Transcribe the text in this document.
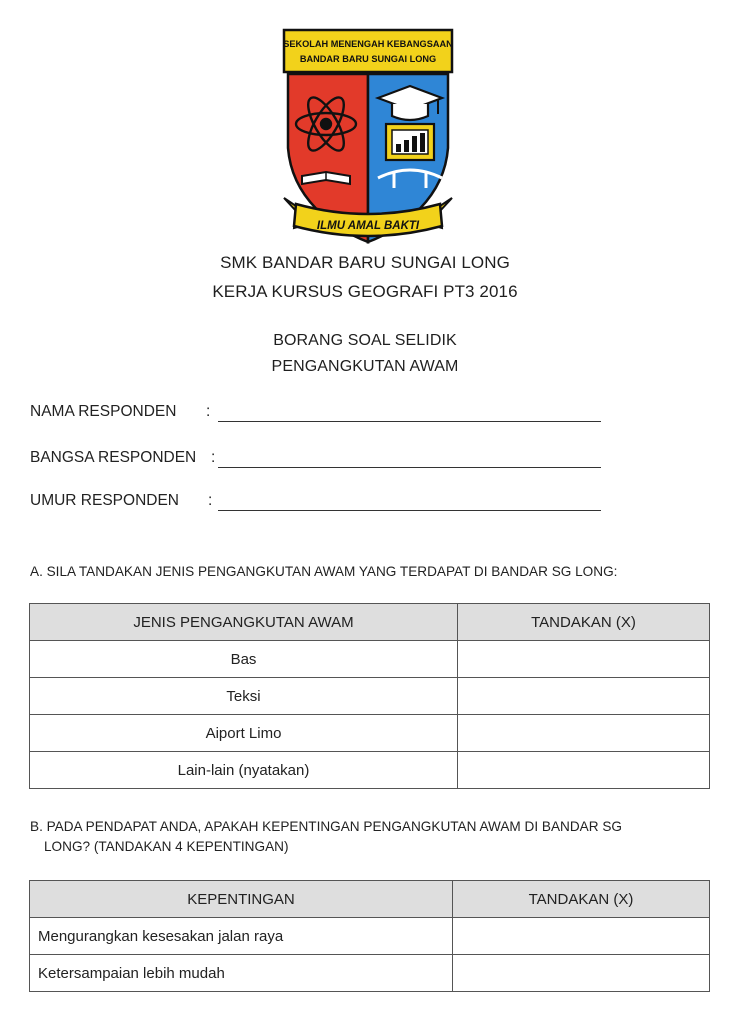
SEKOLAH MENENGAH KEBANGSAAN
BANDAR BARU SUNGAI LONG
ILMU AMAL BAKTI
SMK BANDAR BARU SUNGAI LONG
KERJA KURSUS GEOGRAFI PT3 2016
BORANG SOAL SELIDIK
PENGANGKUTAN AWAM
NAMA RESPONDEN :
BANGSA RESPONDEN :
UMUR RESPONDEN :
A. SILA TANDAKAN JENIS PENGANGKUTAN AWAM YANG TERDAPAT DI BANDAR SG LONG:
JENIS PENGANGKUTAN AWAM	TANDAKAN (X)
Bas	
Teksi	
Aiport Limo	
Lain-lain (nyatakan)	
B. PADA PENDAPAT ANDA, APAKAH KEPENTINGAN PENGANGKUTAN AWAM DI BANDAR SG
LONG? (TANDAKAN 4 KEPENTINGAN)
KEPENTINGAN	TANDAKAN (X)
Mengurangkan kesesakan jalan raya	
Ketersampaian lebih mudah	
